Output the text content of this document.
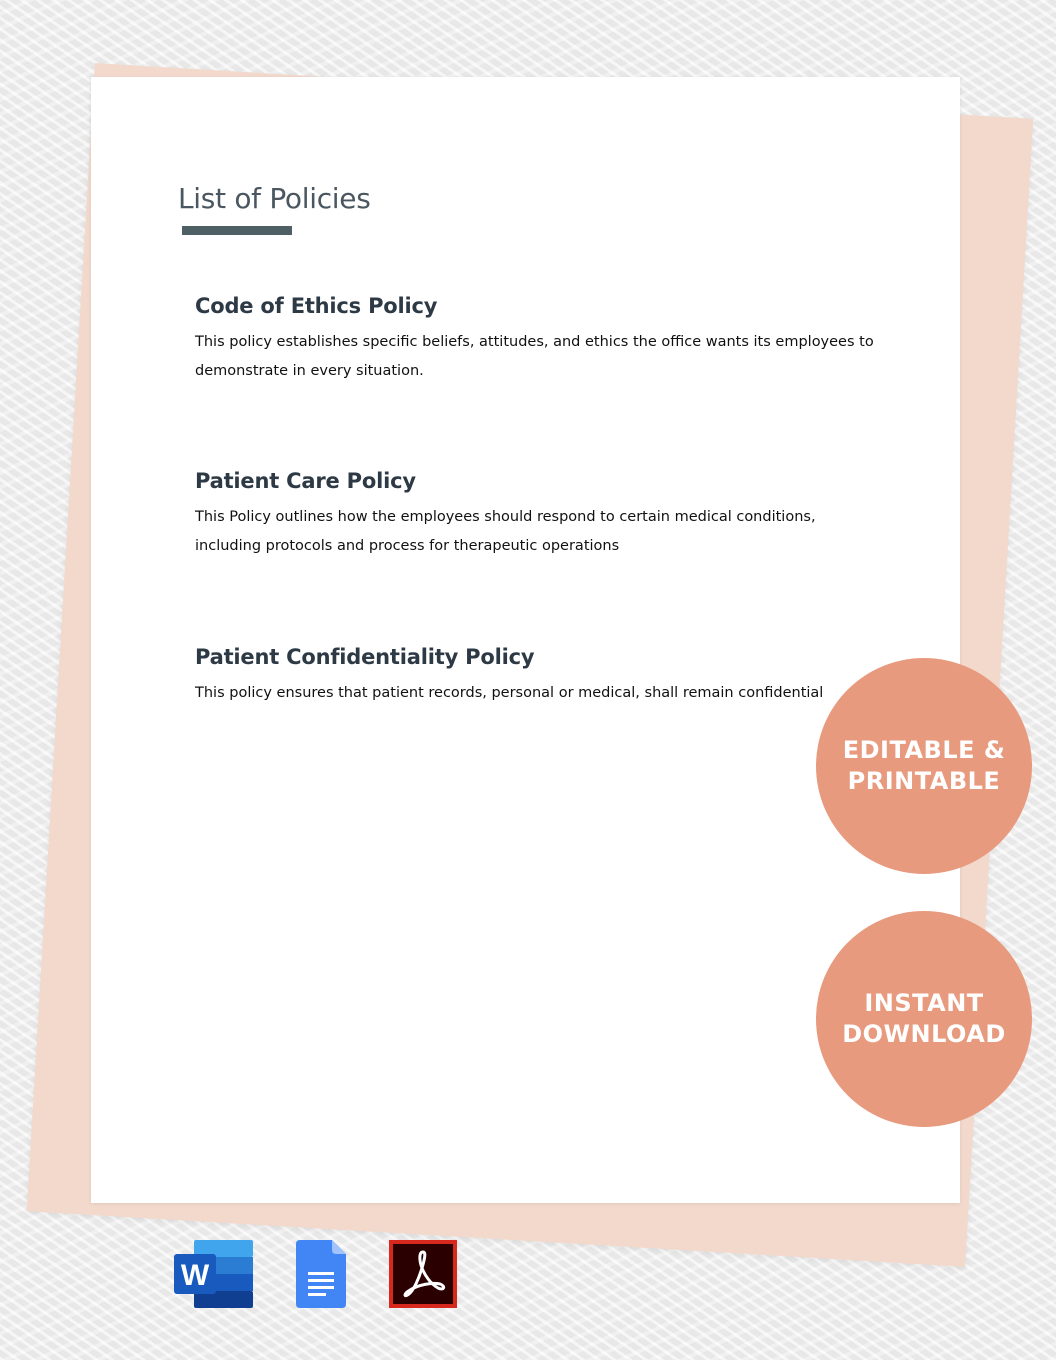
List of Policies
Code of Ethics Policy

This policy establishes specific beliefs, attitudes, and ethics the office wants its employees to
demonstrate in every situation.

Patient Care Policy

This Policy outlines how the employees should respond to certain medical conditions,
including protocols and process for therapeutic operations

Patient Confidentiality Policy

This policy ensures that patient records, personal or medical, shall remain confidential

EDITABLE &
PRINTABLE
INSTANT
DOWNLOAD
W
